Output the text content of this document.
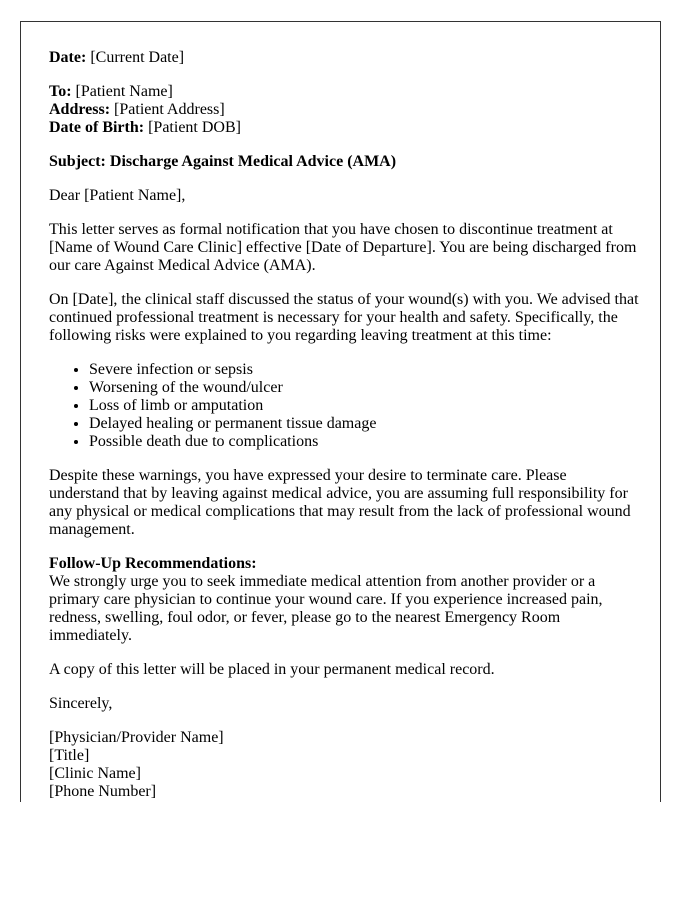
Date: [Current Date]

To: [Patient Name]

Address: [Patient Address]

Date of Birth: [Patient DOB]

Subject: Discharge Against Medical Advice (AMA)

Dear [Patient Name],

This letter serves as formal notification that you have chosen to discontinue treatment at [Name of Wound Care Clinic] effective [Date of Departure]. You are being discharged from our care Against Medical Advice (AMA).

On [Date], the clinical staff discussed the status of your wound(s) with you. We advised that continued professional treatment is necessary for your health and safety. Specifically, the following risks were explained to you regarding leaving treatment at this time:

• Severe infection or sepsis
• Worsening of the wound/ulcer
• Loss of limb or amputation
• Delayed healing or permanent tissue damage
• Possible death due to complications

Despite these warnings, you have expressed your desire to terminate care. Please understand that by leaving against medical advice, you are assuming full responsibility for any physical or medical complications that may result from the lack of professional wound management.

Follow-Up Recommendations:

We strongly urge you to seek immediate medical attention from another provider or a primary care physician to continue your wound care. If you experience increased pain, redness, swelling, foul odor, or fever, please go to the nearest Emergency Room immediately.

A copy of this letter will be placed in your permanent medical record.

Sincerely,

[Physician/Provider Name]

[Title]

[Clinic Name]

[Phone Number]
